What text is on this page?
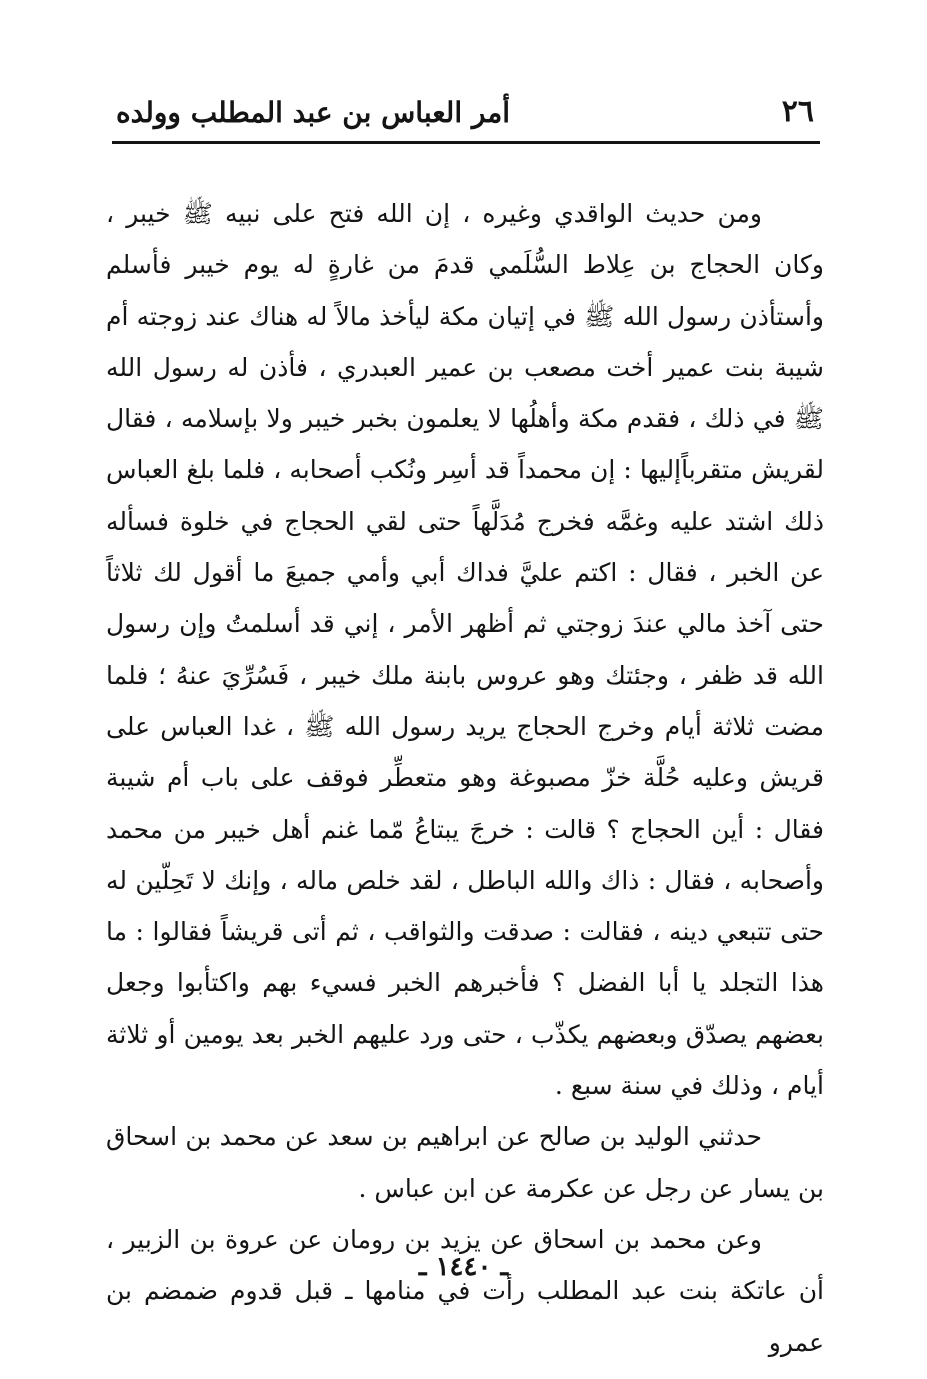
٢٦
أمر العباس بن عبد المطلب وولده

ومن حديث الواقدي وغيره ، إن الله فتح على نبيه ﷺ خيبر ، وكان الحجاج بن عِلاط السُّلَمي قدمَ من غارةٍ له يوم خيبر فأسلم وأستأذن رسول الله ﷺ في إتيان مكة ليأخذ مالاً له هناك عند زوجته أم شيبة بنت عمير أخت مصعب بن عمير العبدري ، فأذن له رسول الله ﷺ في ذلك ، فقدم مكة وأهلُها لا يعلمون بخبر خيبر ولا بإسلامه ، فقال لقريش متقرباًإليها : إن محمداً قد أسِر ونُكب أصحابه ، فلما بلغ العباس ذلك اشتد عليه وغمَّه فخرج مُدَلَّهاً حتى لقي الحجاج في خلوة فسأله عن الخبر ، فقال : اكتم عليَّ فداك أبي وأمي جميعَ ما أقول لك ثلاثاً حتى آخذ مالي عندَ زوجتي ثم أظهر الأمر ، إني قد أسلمتُ وإن رسول الله قد ظفر ، وجئتك وهو عروس بابنة ملك خيبر ، فَسُرِّيَ عنهُ ؛ فلما مضت ثلاثة أيام وخرج الحجاج يريد رسول الله ﷺ ، غدا العباس على قريش وعليه حُلَّة خزّ مصبوغة وهو متعطِّر فوقف على باب أم شيبة فقال : أين الحجاج ؟ قالت : خرجَ يبتاعُ مّما غنم أهل خيبر من محمد وأصحابه ، فقال : ذاك والله الباطل ، لقد خلص ماله ، وإنك لا تَحِلّين له حتى تتبعي دينه ، فقالت : صدقت والثواقب ، ثم أتى قريشاً فقالوا : ما هذا التجلد يا أبا الفضل ؟ فأخبرهم الخبر فسيء بهم واكتأبوا وجعل بعضهم يصدّق وبعضهم يكذّب ، حتى ورد عليهم الخبر بعد يومين أو ثلاثة أيام ، وذلك في سنة سبع .

حدثني الوليد بن صالح عن ابراهيم بن سعد عن محمد بن اسحاق بن يسار عن رجل عن عكرمة عن ابن عباس .

وعن محمد بن اسحاق عن يزيد بن رومان عن عروة بن الزبير ، أن عاتكة بنت عبد المطلب رأت في منامها ـ قبل قدوم ضمضم بن عمرو

ـ ١٤٤٠ ـ
